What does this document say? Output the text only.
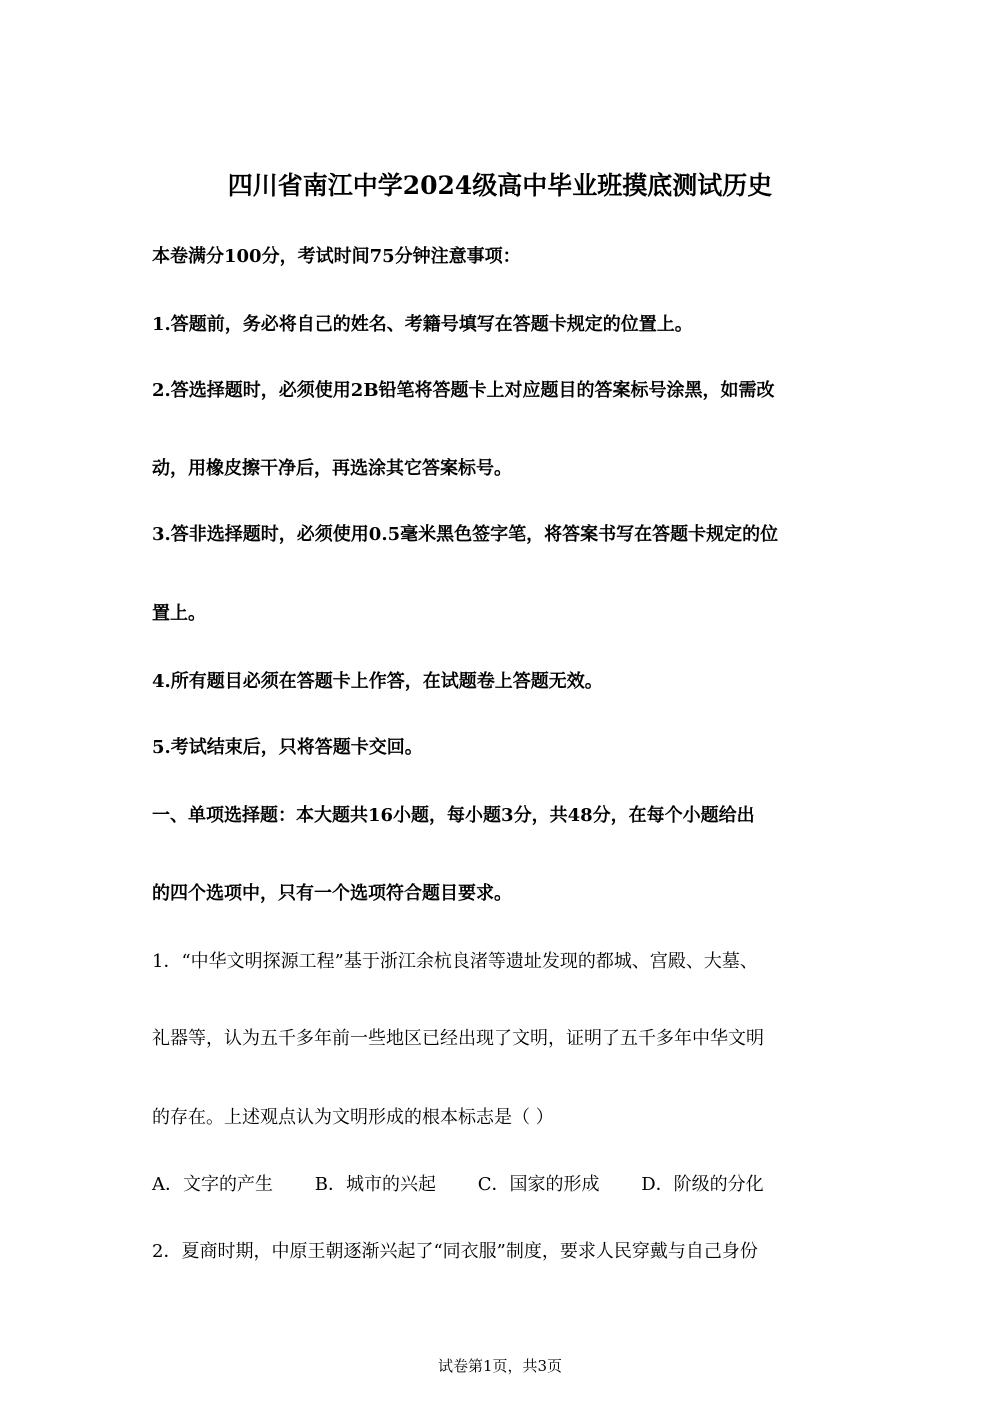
四川省南江中学2024级高中毕业班摸底测试历史
本卷满分100分，考试时间75分钟注意事项：
1.答题前，务必将自己的姓名、考籍号填写在答题卡规定的位置上。
2.答选择题时，必须使用2B铅笔将答题卡上对应题目的答案标号涂黑，如需改
动，用橡皮擦干净后，再选涂其它答案标号。
3.答非选择题时，必须使用0.5毫米黑色签字笔，将答案书写在答题卡规定的位
置上。
4.所有题目必须在答题卡上作答，在试题卷上答题无效。
5.考试结束后，只将答题卡交回。
一、单项选择题：本大题共16小题，每小题3分，共48分，在每个小题给出
的四个选项中，只有一个选项符合题目要求。
1．“中华文明探源工程”基于浙江余杭良渚等遗址发现的都城、宫殿、大墓、
礼器等，认为五千多年前一些地区已经出现了文明，证明了五千多年中华文明
的存在。上述观点认为文明形成的根本标志是（ ）
A．文字的产生 B．城市的兴起 C．国家的形成 D．阶级的分化
2．夏商时期，中原王朝逐渐兴起了“同衣服”制度，要求人民穿戴与自己身份
试卷第1页，共3页
